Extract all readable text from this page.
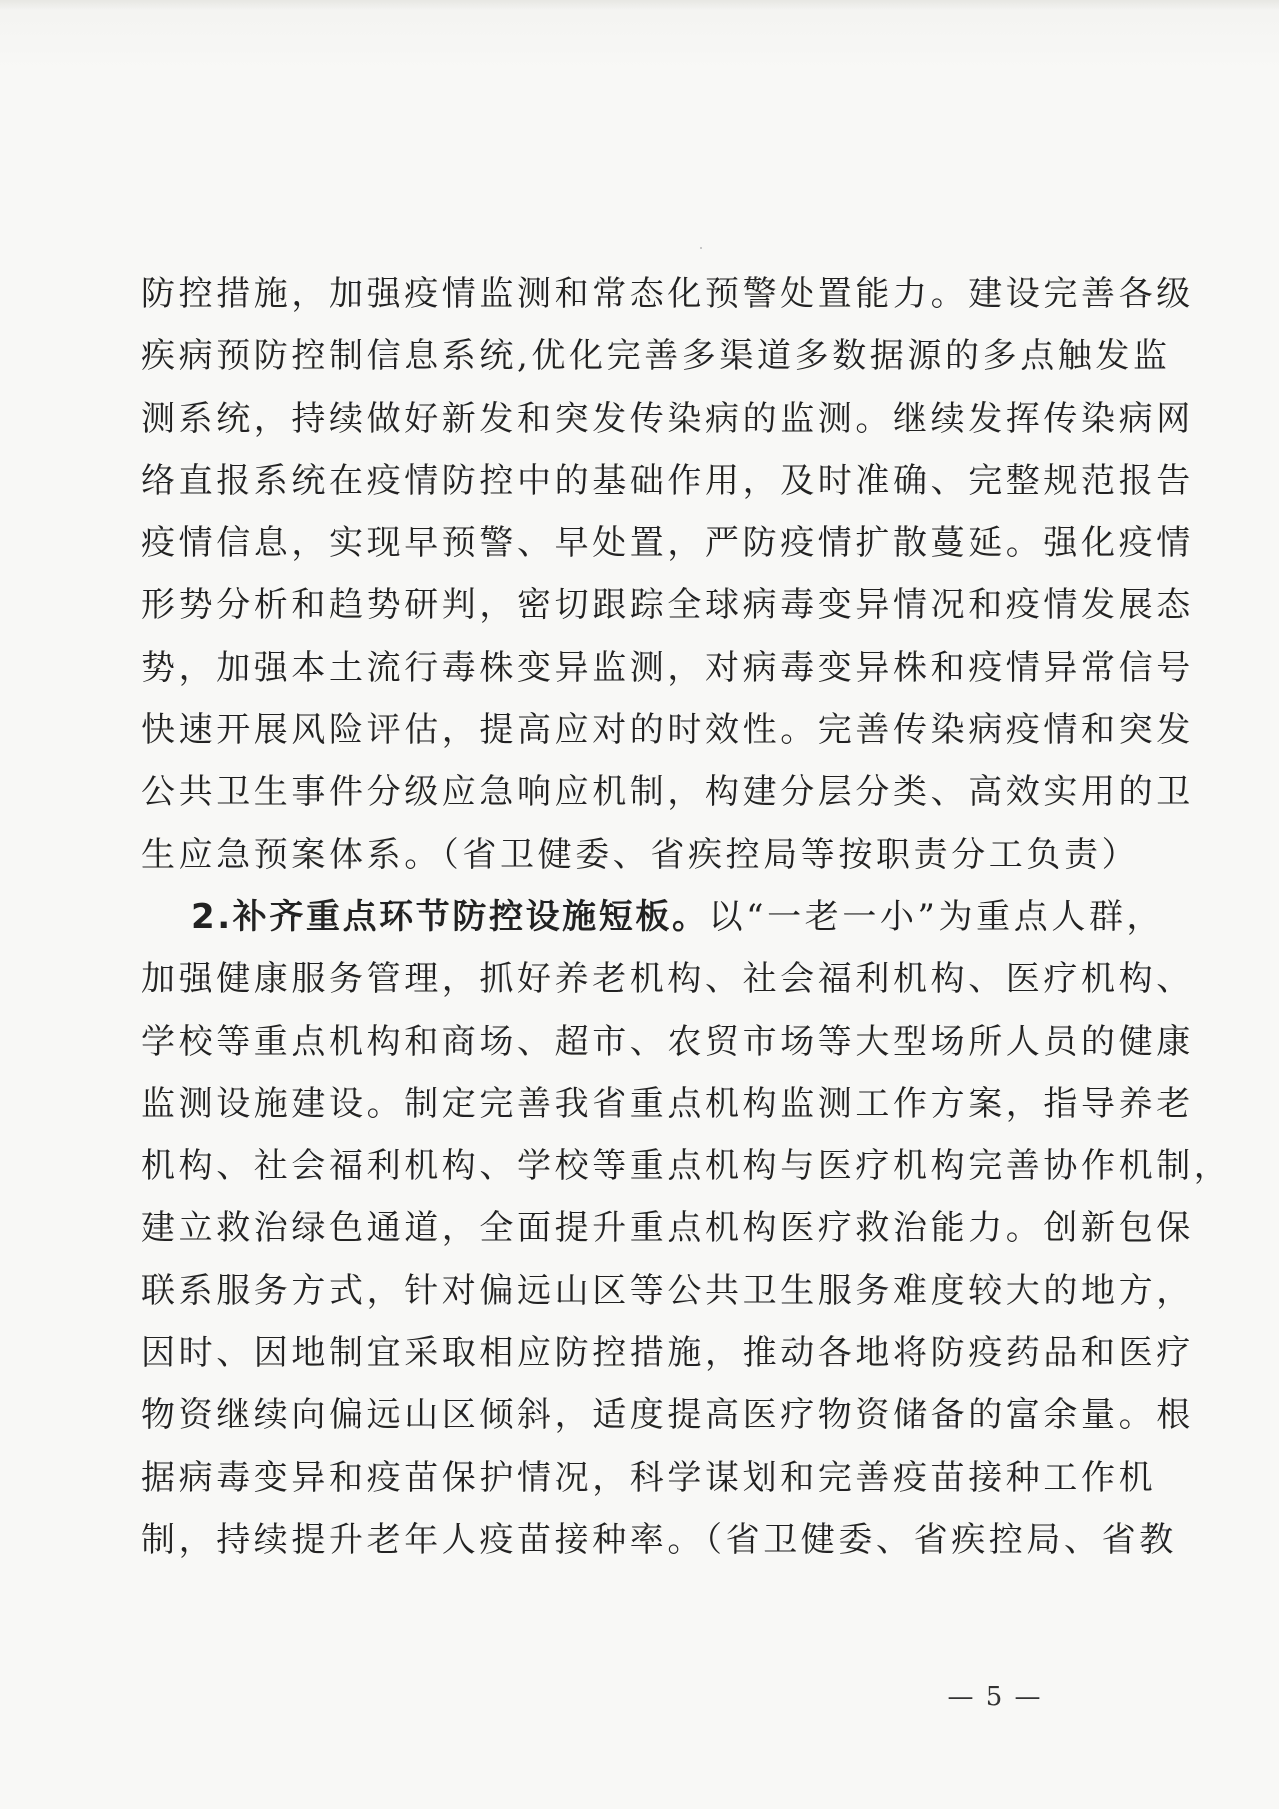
防控措施，加强疫情监测和常态化预警处置能力。建设完善各级
疾病预防控制信息系统,优化完善多渠道多数据源的多点触发监
测系统，持续做好新发和突发传染病的监测。继续发挥传染病网
络直报系统在疫情防控中的基础作用，及时准确、完整规范报告
疫情信息，实现早预警、早处置，严防疫情扩散蔓延。强化疫情
形势分析和趋势研判，密切跟踪全球病毒变异情况和疫情发展态
势，加强本土流行毒株变异监测，对病毒变异株和疫情异常信号
快速开展风险评估，提高应对的时效性。完善传染病疫情和突发
公共卫生事件分级应急响应机制，构建分层分类、高效实用的卫
生应急预案体系。（省卫健委、省疾控局等按职责分工负责）
2.补齐重点环节防控设施短板。以“一老一小”为重点人群，
加强健康服务管理，抓好养老机构、社会福利机构、医疗机构、
学校等重点机构和商场、超市、农贸市场等大型场所人员的健康
监测设施建设。制定完善我省重点机构监测工作方案，指导养老
机构、社会福利机构、学校等重点机构与医疗机构完善协作机制，
建立救治绿色通道，全面提升重点机构医疗救治能力。创新包保
联系服务方式，针对偏远山区等公共卫生服务难度较大的地方，
因时、因地制宜采取相应防控措施，推动各地将防疫药品和医疗
物资继续向偏远山区倾斜，适度提高医疗物资储备的富余量。根
据病毒变异和疫苗保护情况，科学谋划和完善疫苗接种工作机
制，持续提升老年人疫苗接种率。（省卫健委、省疾控局、省教
— 5 —
